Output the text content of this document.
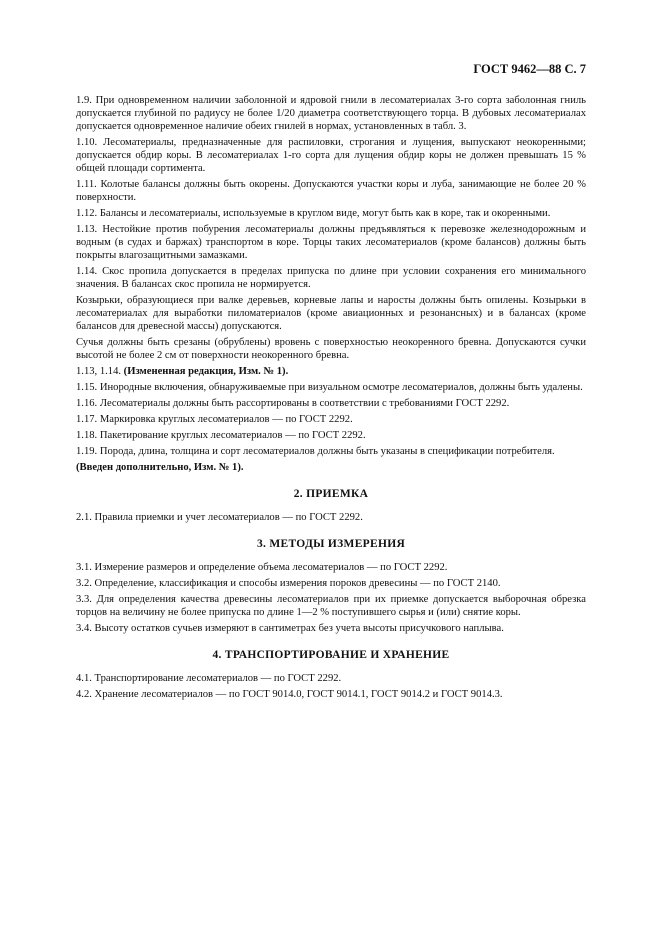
ГОСТ 9462—88 С. 7

1.9. При одновременном наличии заболонной и ядровой гнили в лесоматериалах 3-го сорта заболонная гниль допускается глубиной по радиусу не более 1/20 диаметра соответствующего торца. В дубовых лесоматериалах допускается одновременное наличие обеих гнилей в нормах, установленных в табл. 3.

1.10. Лесоматериалы, предназначенные для распиловки, строгания и лущения, выпускают неокоренными; допускается обдир коры. В лесоматериалах 1-го сорта для лущения обдир коры не должен превышать 15 % общей площади сортимента.

1.11. Колотые балансы должны быть окорены. Допускаются участки коры и луба, занимающие не более 20 % поверхности.

1.12. Балансы и лесоматериалы, используемые в круглом виде, могут быть как в коре, так и окоренными.

1.13. Нестойкие против побурения лесоматериалы должны предъявляться к перевозке железнодорожным и водным (в судах и баржах) транспортом в коре. Торцы таких лесоматериалов (кроме балансов) должны быть покрыты влагозащитными замазками.

1.14. Скос пропила допускается в пределах припуска по длине при условии сохранения его минимального значения. В балансах скос пропила не нормируется.

Козырьки, образующиеся при валке деревьев, корневые лапы и наросты должны быть опилены. Козырьки в лесоматериалах для выработки пиломатериалов (кроме авиационных и резонансных) и в балансах (кроме балансов для древесной массы) допускаются.

Сучья должны быть срезаны (обрублены) вровень с поверхностью неокоренного бревна. Допускаются сучки высотой не более 2 см от поверхности неокоренного бревна.

1.13, 1.14. (Измененная редакция, Изм. № 1).

1.15. Инородные включения, обнаруживаемые при визуальном осмотре лесоматериалов, должны быть удалены.

1.16. Лесоматериалы должны быть рассортированы в соответствии с требованиями ГОСТ 2292.

1.17. Маркировка круглых лесоматериалов — по ГОСТ 2292.

1.18. Пакетирование круглых лесоматериалов — по ГОСТ 2292.

1.19. Порода, длина, толщина и сорт лесоматериалов должны быть указаны в спецификации потребителя.

(Введен дополнительно, Изм. № 1).

2. ПРИЕМКА

2.1. Правила приемки и учет лесоматериалов — по ГОСТ 2292.

3. МЕТОДЫ ИЗМЕРЕНИЯ

3.1. Измерение размеров и определение объема лесоматериалов — по ГОСТ 2292.

3.2. Определение, классификация и способы измерения пороков древесины — по ГОСТ 2140.

3.3. Для определения качества древесины лесоматериалов при их приемке допускается выборочная обрезка торцов на величину не более припуска по длине 1—2 % поступившего сырья и (или) снятие коры.

3.4. Высоту остатков сучьев измеряют в сантиметрах без учета высоты присучкового наплыва.

4. ТРАНСПОРТИРОВАНИЕ И ХРАНЕНИЕ

4.1. Транспортирование лесоматериалов — по ГОСТ 2292.

4.2. Хранение лесоматериалов — по ГОСТ 9014.0, ГОСТ 9014.1, ГОСТ 9014.2 и ГОСТ 9014.3.
